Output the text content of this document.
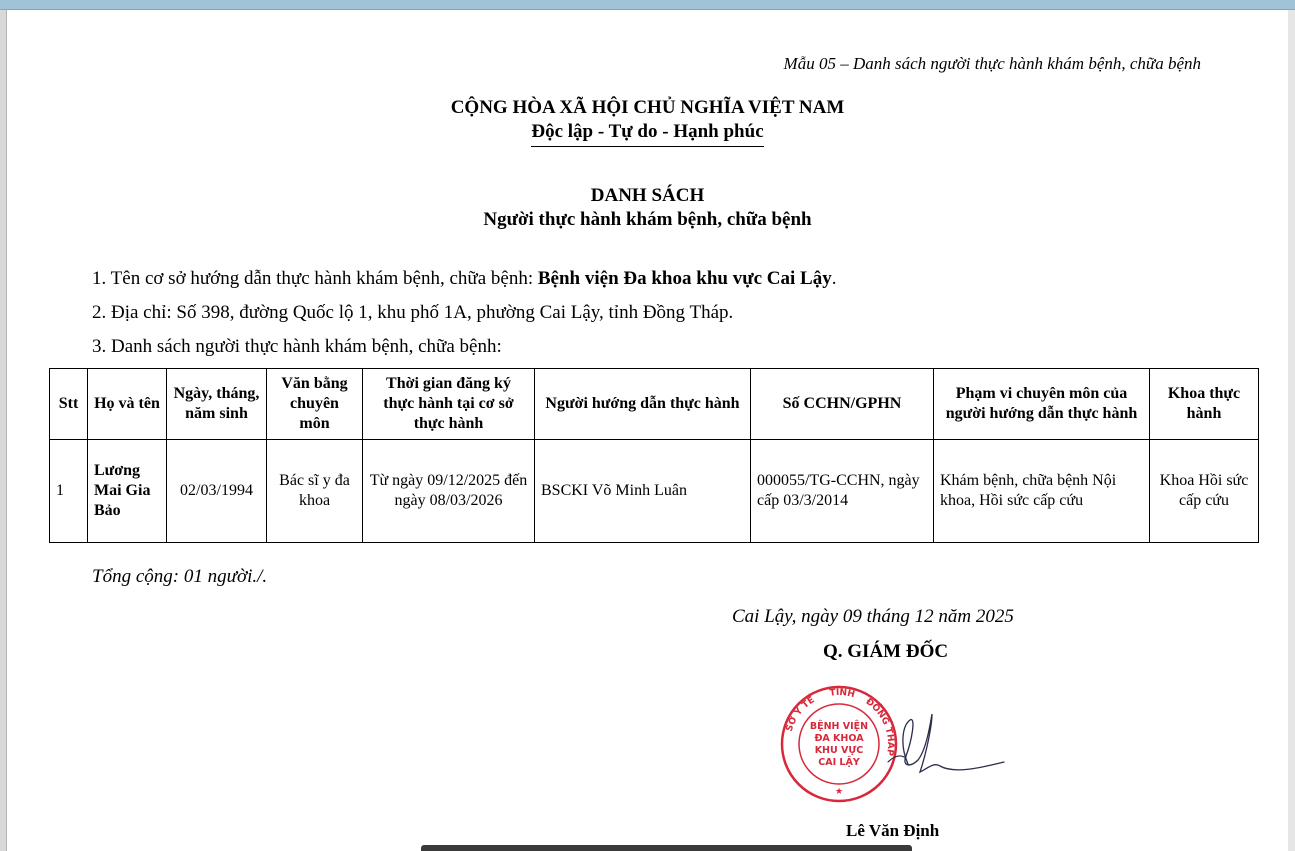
Mẫu 05 – Danh sách người thực hành khám bệnh, chữa bệnh
CỘNG HÒA XÃ HỘI CHỦ NGHĨA VIỆT NAM
Độc lập - Tự do - Hạnh phúc
DANH SÁCH
Người thực hành khám bệnh, chữa bệnh
1. Tên cơ sở hướng dẫn thực hành khám bệnh, chữa bệnh: Bệnh viện Đa khoa khu vực Cai Lậy.
2. Địa chỉ: Số 398, đường Quốc lộ 1, khu phố 1A, phường Cai Lậy, tỉnh Đồng Tháp.
3. Danh sách người thực hành khám bệnh, chữa bệnh:
Stt	Họ và tên	Ngày, tháng, năm sinh	Văn bằng chuyên môn	Thời gian đăng ký thực hành tại cơ sở thực hành	Người hướng dẫn thực hành	Số CCHN/GPHN	Phạm vi chuyên môn của người hướng dẫn thực hành	Khoa thực hành
1	Lương Mai Gia Bảo	02/03/1994	Bác sĩ y đa khoa	Từ ngày 09/12/2025 đến ngày 08/03/2026	BSCKI Võ Minh Luân	000055/TG-CCHN, ngày cấp 03/3/2014	Khám bệnh, chữa bệnh Nội khoa, Hồi sức cấp cứu	Khoa Hồi sức cấp cứu
Tổng cộng: 01 người./.
Cai Lậy, ngày 09 tháng 12 năm 2025
Q. GIÁM ĐỐC
SỞ Y TẾ
TỈNH
ĐỒNG THÁP
BỆNH VIỆN ĐA KHOA KHU VỰC CAI LẬY
★
Lê Văn Định
